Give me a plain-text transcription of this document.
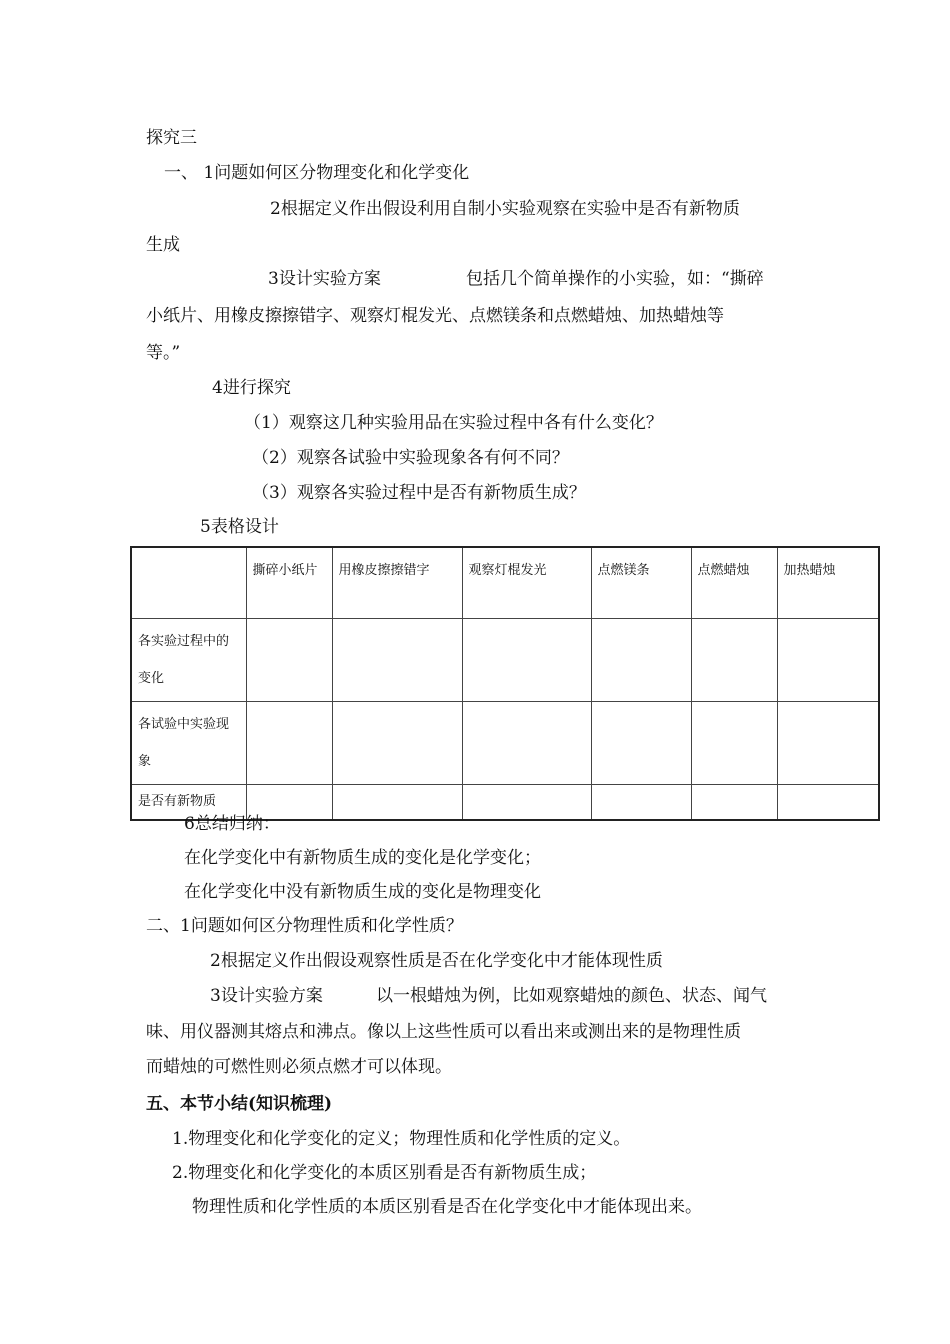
探究三
一、 1问题如何区分物理变化和化学变化
2根据定义作出假设利用自制小实验观察在实验中是否有新物质
生成
3设计实验方案	包括几个简单操作的小实验，如：“撕碎
小纸片、用橡皮擦擦错字、观察灯棍发光、点燃镁条和点燃蜡烛、加热蜡烛等
等。”
4进行探究
（1）观察这几种实验用品在实验过程中各有什么变化？
（2）观察各试验中实验现象各有何不同？
（3）观察各实验过程中是否有新物质生成？
5表格设计

	撕碎小纸片	用橡皮擦擦错字	观察灯棍发光	点燃镁条	点燃蜡烛	加热蜡烛
各实验过程中的变化						
各试验中实验现象						
是否有新物质						
6总结归纳：
在化学变化中有新物质生成的变化是化学变化；
在化学变化中没有新物质生成的变化是物理变化
二、1问题如何区分物理性质和化学性质？
2根据定义作出假设观察性质是否在化学变化中才能体现性质
3设计实验方案	以一根蜡烛为例，比如观察蜡烛的颜色、状态、闻气
味、用仪器测其熔点和沸点。像以上这些性质可以看出来或测出来的是物理性质
而蜡烛的可燃性则必须点燃才可以体现。
五、本节小结(知识梳理)
1.物理变化和化学变化的定义；物理性质和化学性质的定义。
2.物理变化和化学变化的本质区别看是否有新物质生成；
物理性质和化学性质的本质区别看是否在化学变化中才能体现出来。
